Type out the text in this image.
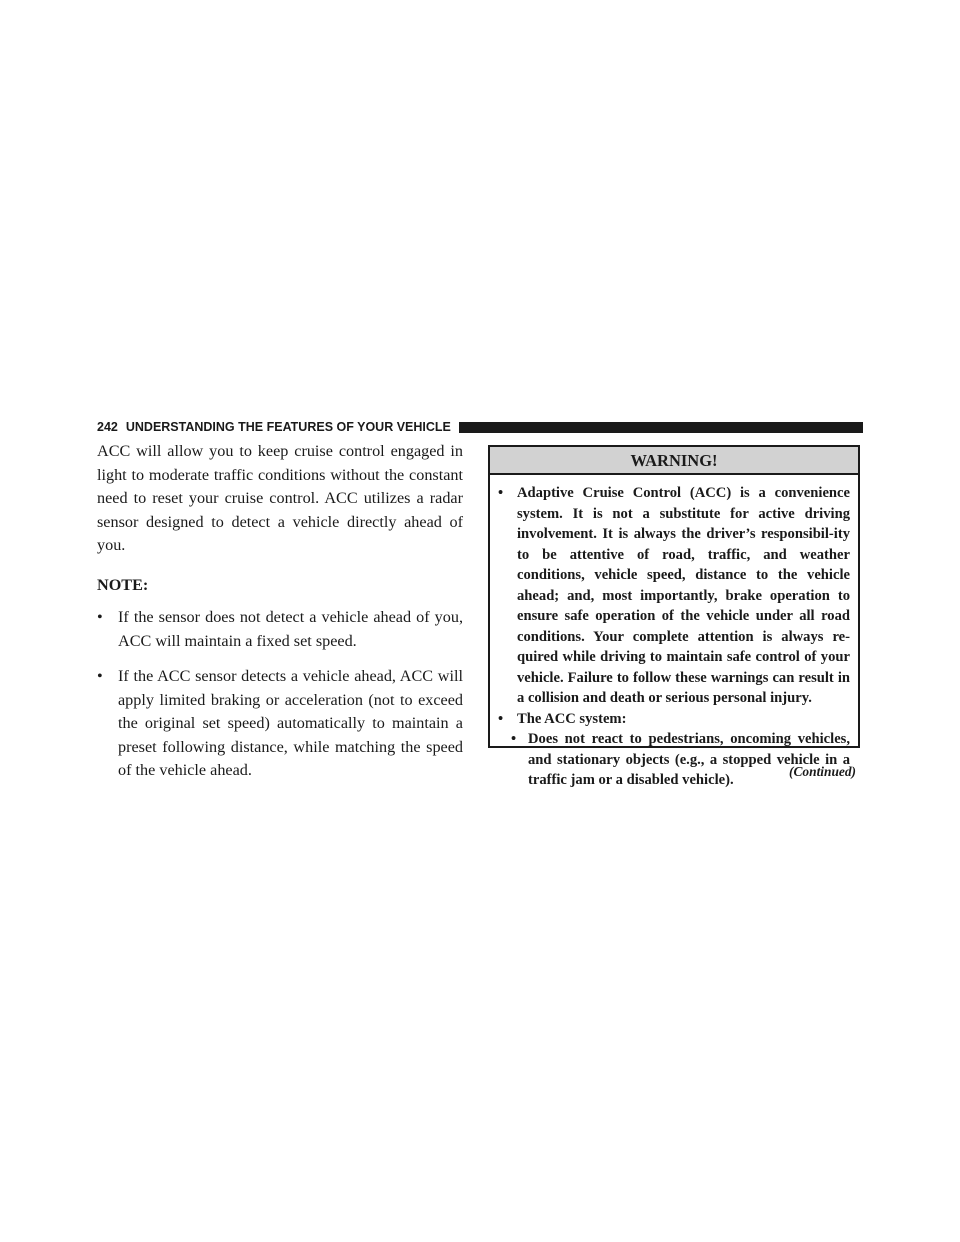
242 UNDERSTANDING THE FEATURES OF YOUR VEHICLE

ACC will allow you to keep cruise control engaged in light to moderate traffic conditions without the constant need to reset your cruise control. ACC utilizes a radar sensor designed to detect a vehicle directly ahead of you.

NOTE:

• If the sensor does not detect a vehicle ahead of you, ACC will maintain a fixed set speed.
• If the ACC sensor detects a vehicle ahead, ACC will apply limited braking or acceleration (not to exceed the original set speed) automatically to maintain a preset following distance, while matching the speed of the vehicle ahead.
WARNING!
• Adaptive Cruise Control (ACC) is a convenience system. It is not a substitute for active driving involvement. It is always the driver’s responsibil-ity to be attentive of road, traffic, and weather conditions, vehicle speed, distance to the vehicle ahead; and, most importantly, brake operation to ensure safe operation of the vehicle under all road conditions. Your complete attention is always re-quired while driving to maintain safe control of your vehicle. Failure to follow these warnings can result in a collision and death or serious personal injury.
• The ACC system:
• Does not react to pedestrians, oncoming vehicles, and stationary objects (e.g., a stopped vehicle in a traffic jam or a disabled vehicle).
(Continued)
